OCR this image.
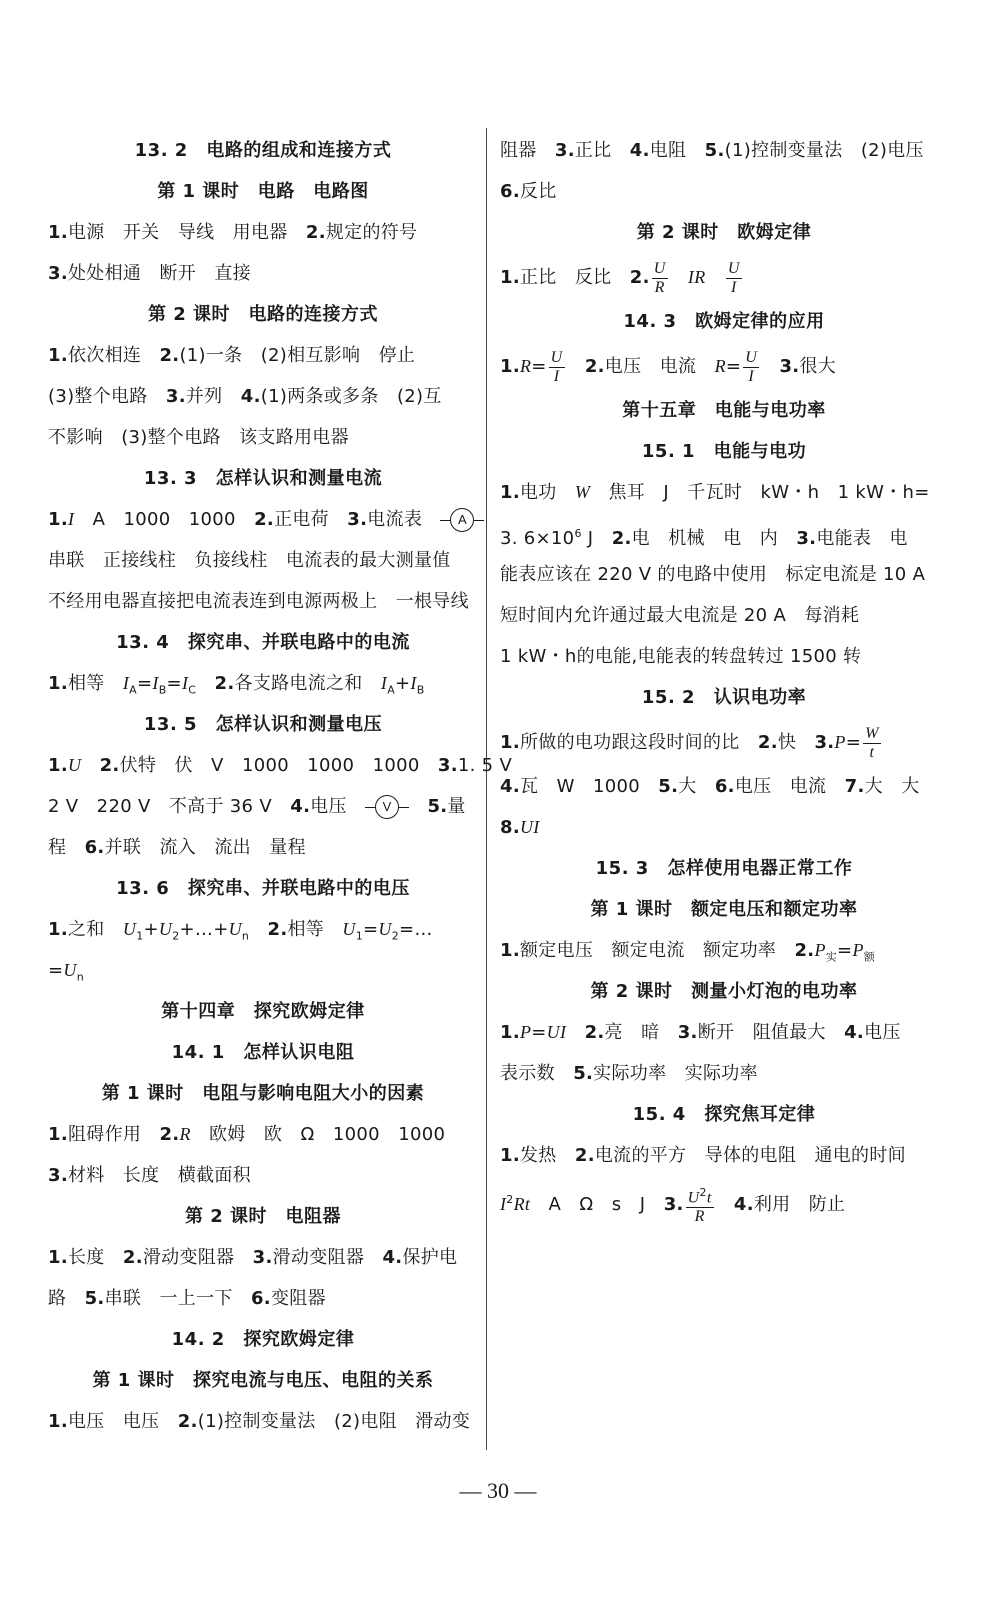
13. 2　电路的组成和连接方式
第 1 课时　电路　电路图
1.电源　开关　导线　用电器　2.规定的符号
3.处处相通　断开　直接
第 2 课时　电路的连接方式
1.依次相连　2.(1)一条　(2)相互影响　停止
(3)整个电路　3.并列　4.(1)两条或多条　(2)互
不影响　(3)整个电路　该支路用电器
13. 3　怎样认识和测量电流
1.I　A　1000　1000　2.正电荷　3.电流表　	A
串联　正接线柱　负接线柱　电流表的最大测量值
不经用电器直接把电流表连到电源两极上　一根导线
13. 4　探究串、并联电路中的电流
1.相等　$I_A=I_B=I_C$　 2.各支路电流之和　$I_A+I_B$
13. 5　怎样认识和测量电压
1.U　 2.伏特　伏　V　1000　1000　1000　3.1. 5 V
2 V　220 V　不高于 36 V　4.电压　	V
　	5.量
程　6.并联　流入　流出　量程
13. 6　探究串、并联电路中的电压
1.之和　$U_1+U_2+\dots+U_n$　 2.相等　$U_1=U_2=\dots$
$=U_n$
第十四章　探究欧姆定律
14. 1　怎样认识电阻
第 1 课时　电阻与影响电阻大小的因素
1.阻碍作用　2.R　欧姆　欧　Ω　1000　1000
3.材料　长度　横截面积
第 2 课时　电阻器
1.长度　2.滑动变阻器　3.滑动变阻器　4.保护电
路　5.串联　一上一下　6.变阻器
14. 2　探究欧姆定律
第 1 课时　探究电流与电压、电阻的关系
1.电压　电压　2.(1)控制变量法　(2)电阻　滑动变
阻器　3.正比　4.电阻　5.(1)控制变量法　(2)电压
6.反比
第 2 课时　欧姆定律
1.正比　反比　2. $\frac{U}{R}$
　 IR　 $\frac{U}{I}$
14. 3　欧姆定律的应用
$1.R= \frac{U}{I}$
　 2.电压　电流　$R= \frac{U}{I}$
　 3.很大
第十五章　电能与电功率
15. 1　电能与电功
1.电功　W　焦耳　J　千瓦时　kW・h　1 kW・h=
3. $6\times 10^6$ J　2.电　机械　电　内　3.电能表　电
能表应该在 220 V 的电路中使用　标定电流是 10 A
短时间内允许通过最大电流是 20 A　每消耗
1 kW・h的电能,电能表的转盘转过 1500 转
15. 2　认识电功率
1.所做的电功跟这段时间的比　2.快　$3.P= \frac{W}{t}$
4.瓦　W　1000　5.大　6.电压　电流　7.大　大
8.UI
15. 3　怎样使用电器正常工作
第 1 课时　额定电压和额定功率
1.额定电压　额定电流　额定功率　$2.P_实=P_额$
第 2 课时　测量小灯泡的电功率
1.P=UI　 2.亮　暗　3.断开　阻值最大　4.电压
表示数　5.实际功率　实际功率
15. 4　探究焦耳定律
1.发热　2.电流的平方　导体的电阻　通电的时间
$I^2Rt$　A　Ω　s　J　3. $\frac{U^2t}{R}$
　 4.利用　防止
— 30 —
